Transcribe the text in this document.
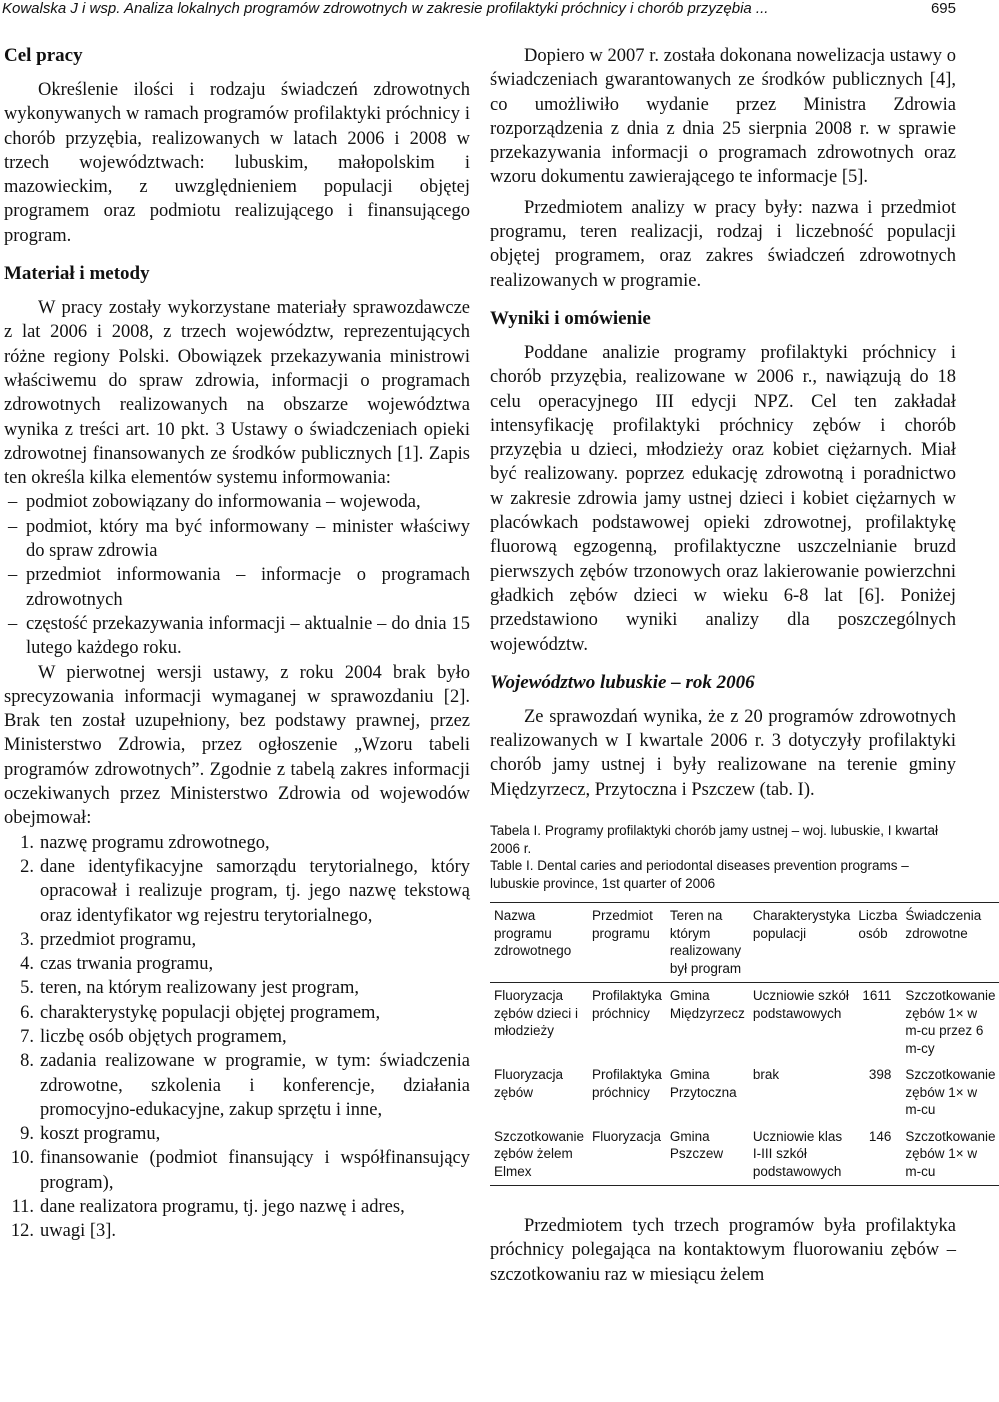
Kowalska J i wsp. Analiza lokalnych programów zdrowotnych w zakresie profilaktyki próchnicy i chorób przyzębia ...	695
Cel pracy

Określenie ilości i rodzaju świadczeń zdrowotnych wykonywanych w ramach programów profilaktyki próchnicy i chorób przyzębia, realizowanych w latach 2006 i 2008 w trzech województwach: lubuskim, małopolskim i mazowieckim, z uwzględnieniem populacji objętej programem oraz podmiotu realizującego i finansującego program.

Materiał i metody

W pracy zostały wykorzystane materiały sprawozdawcze z lat 2006 i 2008, z trzech województw, reprezentujących różne regiony Polski. Obowiązek przekazywania ministrowi właściwemu do spraw zdrowia, informacji o programach zdrowotnych realizowanych na obszarze województwa wynika z treści art. 10 pkt. 3 Ustawy o świadczeniach opieki zdrowotnej finansowanych ze środków publicznych [1]. Zapis ten określa kilka elementów systemu informowania:

– podmiot zobowiązany do informowania – wojewoda,
– podmiot, który ma być informowany – minister właściwy do spraw zdrowia
– przedmiot informowania – informacje o programach zdrowotnych
– częstość przekazywania informacji – aktualnie – do dnia 15 lutego każdego roku.

W pierwotnej wersji ustawy, z roku 2004 brak było sprecyzowania informacji wymaganej w sprawozdaniu [2]. Brak ten został uzupełniony, bez podstawy prawnej, przez Ministerstwo Zdrowia, przez ogłoszenie „Wzoru tabeli programów zdrowotnych”. Zgodnie z tabelą zakres informacji oczekiwanych przez Ministerstwo Zdrowia od wojewodów obejmował:

1. nazwę programu zdrowotnego,
2. dane identyfikacyjne samorządu terytorialnego, który opracował i realizuje program, tj. jego nazwę tekstową oraz identyfikator wg rejestru terytorialnego,
3. przedmiot programu,
4. czas trwania programu,
5. teren, na którym realizowany jest program,
6. charakterystykę populacji objętej programem,
7. liczbę osób objętych programem,
8. zadania realizowane w programie, w tym: świadczenia zdrowotne, szkolenia i konferencje, działania promocyjno-edukacyjne, zakup sprzętu i inne,
9. koszt programu,
10. finansowanie (podmiot finansujący i współfinansujący program),
11. dane realizatora programu, tj. jego nazwę i adres,
12. uwagi [3].

Dopiero w 2007 r. została dokonana nowelizacja ustawy o świadczeniach gwarantowanych ze środków publicznych [4], co umożliwiło wydanie przez Ministra Zdrowia rozporządzenia z dnia z dnia 25 sierpnia 2008 r. w sprawie przekazywania informacji o programach zdrowotnych oraz wzoru dokumentu zawierającego te informacje [5].

Przedmiotem analizy w pracy były: nazwa i przedmiot programu, teren realizacji, rodzaj i liczebność populacji objętej programem, oraz zakres świadczeń zdrowotnych realizowanych w programie.

Wyniki i omówienie

Poddane analizie programy profilaktyki próchnicy i chorób przyzębia, realizowane w 2006 r., nawiązują do 18 celu operacyjnego III edycji NPZ. Cel ten zakładał intensyfikację profilaktyki próchnicy zębów i chorób przyzębia u dzieci, młodzieży oraz kobiet ciężarnych. Miał być realizowany. poprzez edukację zdrowotną i poradnictwo w zakresie zdrowia jamy ustnej dzieci i kobiet ciężarnych w placówkach podstawowej opieki zdrowotnej, profilaktykę fluorową egzogenną, profilaktyczne uszczelnianie bruzd pierwszych zębów trzonowych oraz lakierowanie powierzchni gładkich zębów dzieci w wieku 6-8 lat [6]. Poniżej przedstawiono wyniki analizy dla poszczególnych województw.

Województwo lubuskie – rok 2006

Ze sprawozdań wynika, że z 20 programów zdrowotnych realizowanych w I kwartale 2006 r. 3 dotyczyły profilaktyki chorób jamy ustnej i były realizowane na terenie gminy Międzyrzecz, Przytoczna i Pszczew (tab. I).

Tabela I. Programy profilaktyki chorób jamy ustnej – woj. lubuskie, I kwartał 2006 r.
Table I. Dental caries and periodontal diseases prevention programs – lubuskie province, 1st quarter of 2006
Nazwa programu zdrowotnego	Przedmiot programu	Teren na którym realizowany był program	Charakterystyka populacji	Liczba osób	Świadczenia zdrowotne
Fluoryzacja zębów dzieci i młodzieży	Profilaktyka próchnicy	Gmina Międzyrzecz	Uczniowie szkół podstawowych	1611	Szczotkowanie zębów 1× w m-cu przez 6 m-cy
Fluoryzacja zębów	Profilaktyka próchnicy	Gmina Przytoczna	brak	398	Szczotkowanie zębów 1× w m-cu
Szczotkowanie zębów żelem Elmex	Fluoryzacja	Gmina Pszczew	Uczniowie klas I-III szkół podstawowych	146	Szczotkowanie zębów 1× w m-cu

Przedmiotem tych trzech programów była profilaktyka próchnicy polegająca na kontaktowym fluorowaniu zębów – szczotkowaniu raz w miesiącu żelem
